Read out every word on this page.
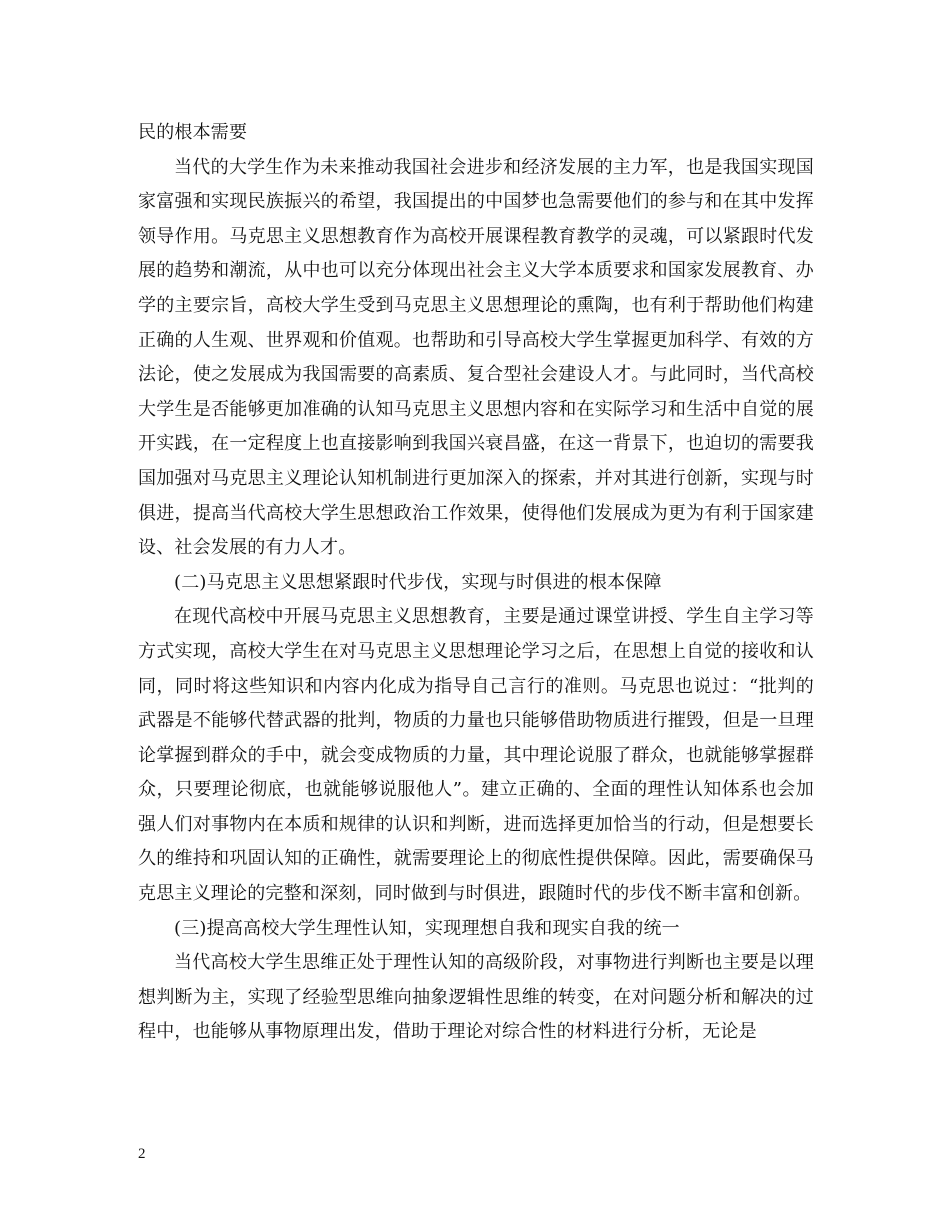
民的根本需要

当代的大学生作为未来推动我国社会进步和经济发展的主力军，也是我国实现国家富强和实现民族振兴的希望，我国提出的中国梦也急需要他们的参与和在其中发挥领导作用。马克思主义思想教育作为高校开展课程教育教学的灵魂，可以紧跟时代发展的趋势和潮流，从中也可以充分体现出社会主义大学本质要求和国家发展教育、办学的主要宗旨，高校大学生受到马克思主义思想理论的熏陶，也有利于帮助他们构建正确的人生观、世界观和价值观。也帮助和引导高校大学生掌握更加科学、有效的方法论，使之发展成为我国需要的高素质、复合型社会建设人才。与此同时，当代高校大学生是否能够更加准确的认知马克思主义思想内容和在实际学习和生活中自觉的展开实践，在一定程度上也直接影响到我国兴衰昌盛，在这一背景下，也迫切的需要我国加强对马克思主义理论认知机制进行更加深入的探索，并对其进行创新，实现与时俱进，提高当代高校大学生思想政治工作效果，使得他们发展成为更为有利于国家建设、社会发展的有力人才。

(二)马克思主义思想紧跟时代步伐，实现与时俱进的根本保障

在现代高校中开展马克思主义思想教育，主要是通过课堂讲授、学生自主学习等方式实现，高校大学生在对马克思主义思想理论学习之后，在思想上自觉的接收和认同，同时将这些知识和内容内化成为指导自己言行的准则。马克思也说过：“批判的武器是不能够代替武器的批判，物质的力量也只能够借助物质进行摧毁，但是一旦理论掌握到群众的手中，就会变成物质的力量，其中理论说服了群众，也就能够掌握群众，只要理论彻底，也就能够说服他人”。建立正确的、全面的理性认知体系也会加强人们对事物内在本质和规律的认识和判断，进而选择更加恰当的行动，但是想要长久的维持和巩固认知的正确性，就需要理论上的彻底性提供保障。因此，需要确保马克思主义理论的完整和深刻，同时做到与时俱进，跟随时代的步伐不断丰富和创新。

(三)提高高校大学生理性认知，实现理想自我和现实自我的统一

当代高校大学生思维正处于理性认知的高级阶段，对事物进行判断也主要是以理想判断为主，实现了经验型思维向抽象逻辑性思维的转变，在对问题分析和解决的过程中，也能够从事物原理出发，借助于理论对综合性的材料进行分析，无论是

2
